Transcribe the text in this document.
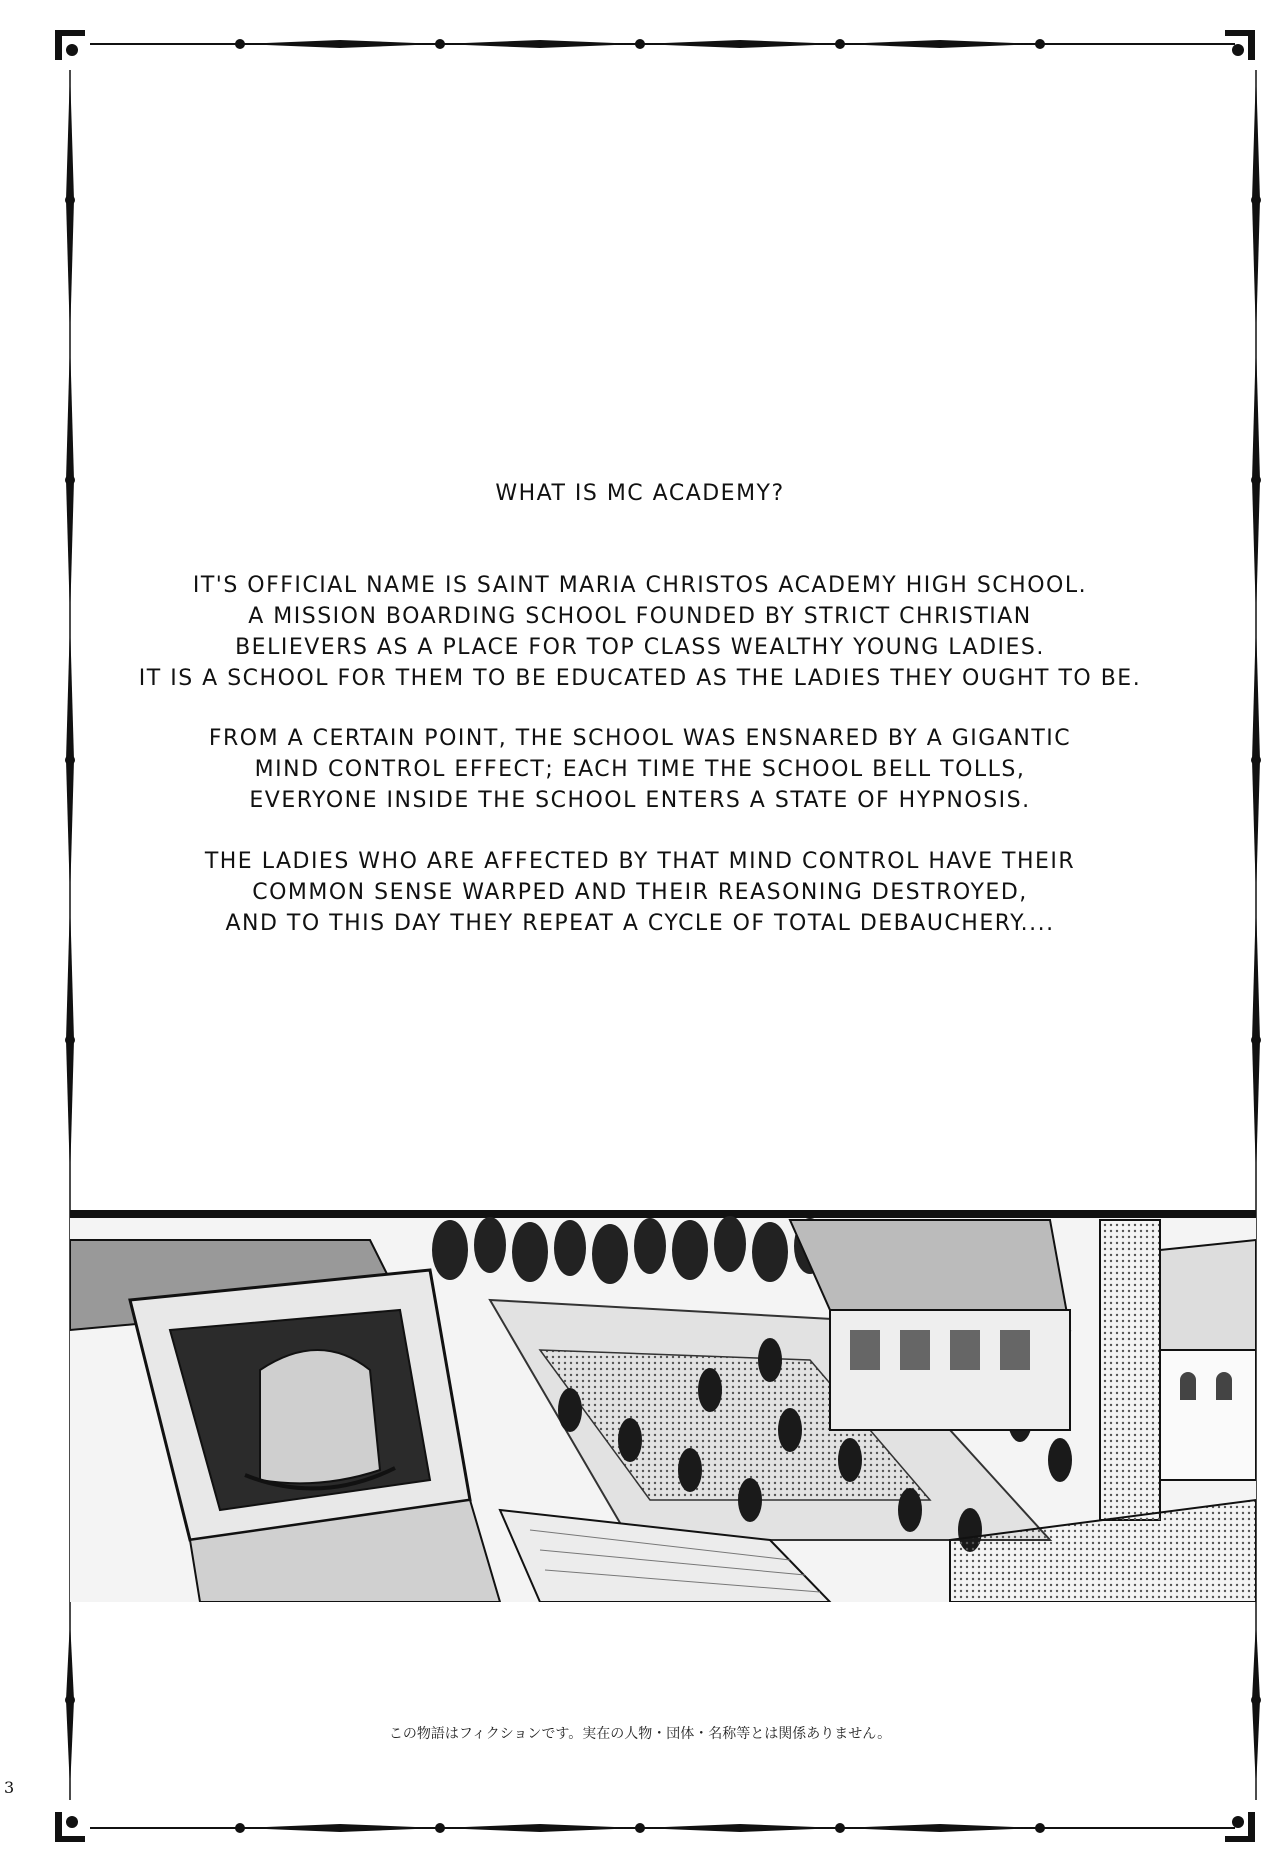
WHAT IS MC ACADEMY?
IT'S OFFICIAL NAME IS SAINT MARIA CHRISTOS ACADEMY HIGH SCHOOL.
A MISSION BOARDING SCHOOL FOUNDED BY STRICT CHRISTIAN
BELIEVERS AS A PLACE FOR TOP CLASS WEALTHY YOUNG LADIES.
IT IS A SCHOOL FOR THEM TO BE EDUCATED AS THE LADIES THEY OUGHT TO BE.
FROM A CERTAIN POINT, THE SCHOOL WAS ENSNARED BY A GIGANTIC
MIND CONTROL EFFECT; EACH TIME THE SCHOOL BELL TOLLS,
EVERYONE INSIDE THE SCHOOL ENTERS A STATE OF HYPNOSIS.
THE LADIES WHO ARE AFFECTED BY THAT MIND CONTROL HAVE THEIR
COMMON SENSE WARPED AND THEIR REASONING DESTROYED,
AND TO THIS DAY THEY REPEAT A CYCLE OF TOTAL DEBAUCHERY....
この物語はフィクションです。実在の人物・団体・名称等とは関係ありません。
3
